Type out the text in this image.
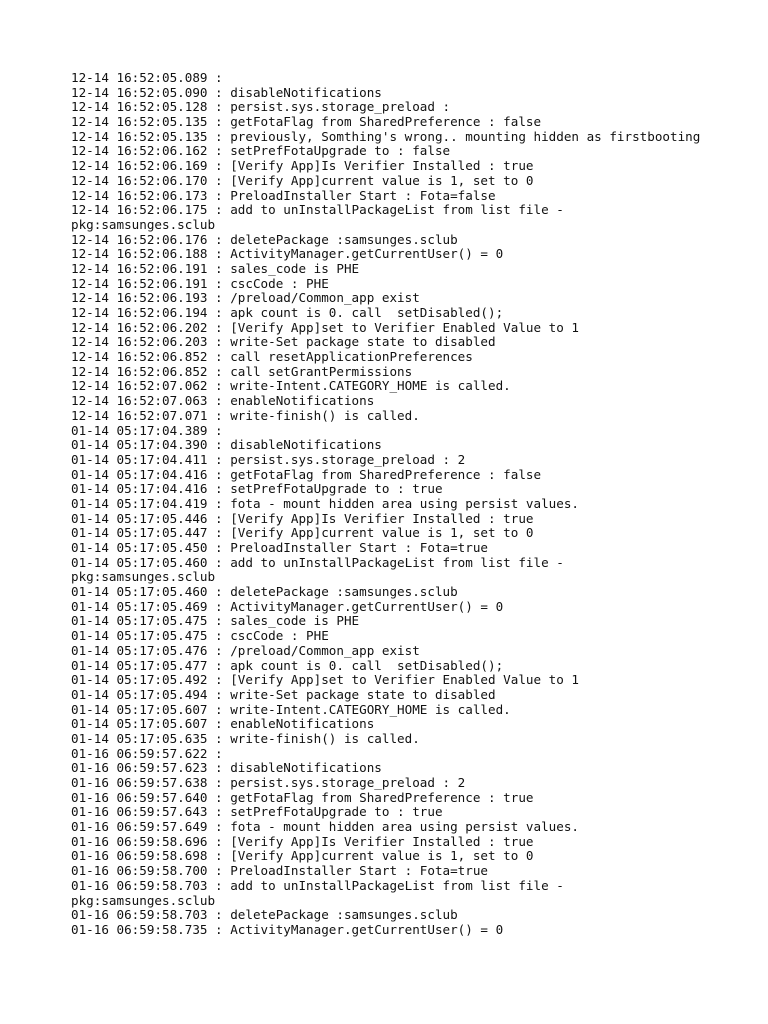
12-14 16:52:05.089 :
12-14 16:52:05.090 : disableNotifications
12-14 16:52:05.128 : persist.sys.storage_preload :
12-14 16:52:05.135 : getFotaFlag from SharedPreference : false
12-14 16:52:05.135 : previously, Somthing's wrong.. mounting hidden as firstbooting
12-14 16:52:06.162 : setPrefFotaUpgrade to : false
12-14 16:52:06.169 : [Verify App]Is Verifier Installed : true
12-14 16:52:06.170 : [Verify App]current value is 1, set to 0
12-14 16:52:06.173 : PreloadInstaller Start : Fota=false
12-14 16:52:06.175 : add to unInstallPackageList from list file -
pkg:samsunges.sclub
12-14 16:52:06.176 : deletePackage :samsunges.sclub
12-14 16:52:06.188 : ActivityManager.getCurrentUser() = 0
12-14 16:52:06.191 : sales_code is PHE
12-14 16:52:06.191 : cscCode : PHE
12-14 16:52:06.193 : /preload/Common_app exist
12-14 16:52:06.194 : apk count is 0. call  setDisabled();
12-14 16:52:06.202 : [Verify App]set to Verifier Enabled Value to 1
12-14 16:52:06.203 : write-Set package state to disabled
12-14 16:52:06.852 : call resetApplicationPreferences
12-14 16:52:06.852 : call setGrantPermissions
12-14 16:52:07.062 : write-Intent.CATEGORY_HOME is called.
12-14 16:52:07.063 : enableNotifications
12-14 16:52:07.071 : write-finish() is called.
01-14 05:17:04.389 :
01-14 05:17:04.390 : disableNotifications
01-14 05:17:04.411 : persist.sys.storage_preload : 2
01-14 05:17:04.416 : getFotaFlag from SharedPreference : false
01-14 05:17:04.416 : setPrefFotaUpgrade to : true
01-14 05:17:04.419 : fota - mount hidden area using persist values.
01-14 05:17:05.446 : [Verify App]Is Verifier Installed : true
01-14 05:17:05.447 : [Verify App]current value is 1, set to 0
01-14 05:17:05.450 : PreloadInstaller Start : Fota=true
01-14 05:17:05.460 : add to unInstallPackageList from list file -
pkg:samsunges.sclub
01-14 05:17:05.460 : deletePackage :samsunges.sclub
01-14 05:17:05.469 : ActivityManager.getCurrentUser() = 0
01-14 05:17:05.475 : sales_code is PHE
01-14 05:17:05.475 : cscCode : PHE
01-14 05:17:05.476 : /preload/Common_app exist
01-14 05:17:05.477 : apk count is 0. call  setDisabled();
01-14 05:17:05.492 : [Verify App]set to Verifier Enabled Value to 1
01-14 05:17:05.494 : write-Set package state to disabled
01-14 05:17:05.607 : write-Intent.CATEGORY_HOME is called.
01-14 05:17:05.607 : enableNotifications
01-14 05:17:05.635 : write-finish() is called.
01-16 06:59:57.622 :
01-16 06:59:57.623 : disableNotifications
01-16 06:59:57.638 : persist.sys.storage_preload : 2
01-16 06:59:57.640 : getFotaFlag from SharedPreference : true
01-16 06:59:57.643 : setPrefFotaUpgrade to : true
01-16 06:59:57.649 : fota - mount hidden area using persist values.
01-16 06:59:58.696 : [Verify App]Is Verifier Installed : true
01-16 06:59:58.698 : [Verify App]current value is 1, set to 0
01-16 06:59:58.700 : PreloadInstaller Start : Fota=true
01-16 06:59:58.703 : add to unInstallPackageList from list file -
pkg:samsunges.sclub
01-16 06:59:58.703 : deletePackage :samsunges.sclub
01-16 06:59:58.735 : ActivityManager.getCurrentUser() = 0
